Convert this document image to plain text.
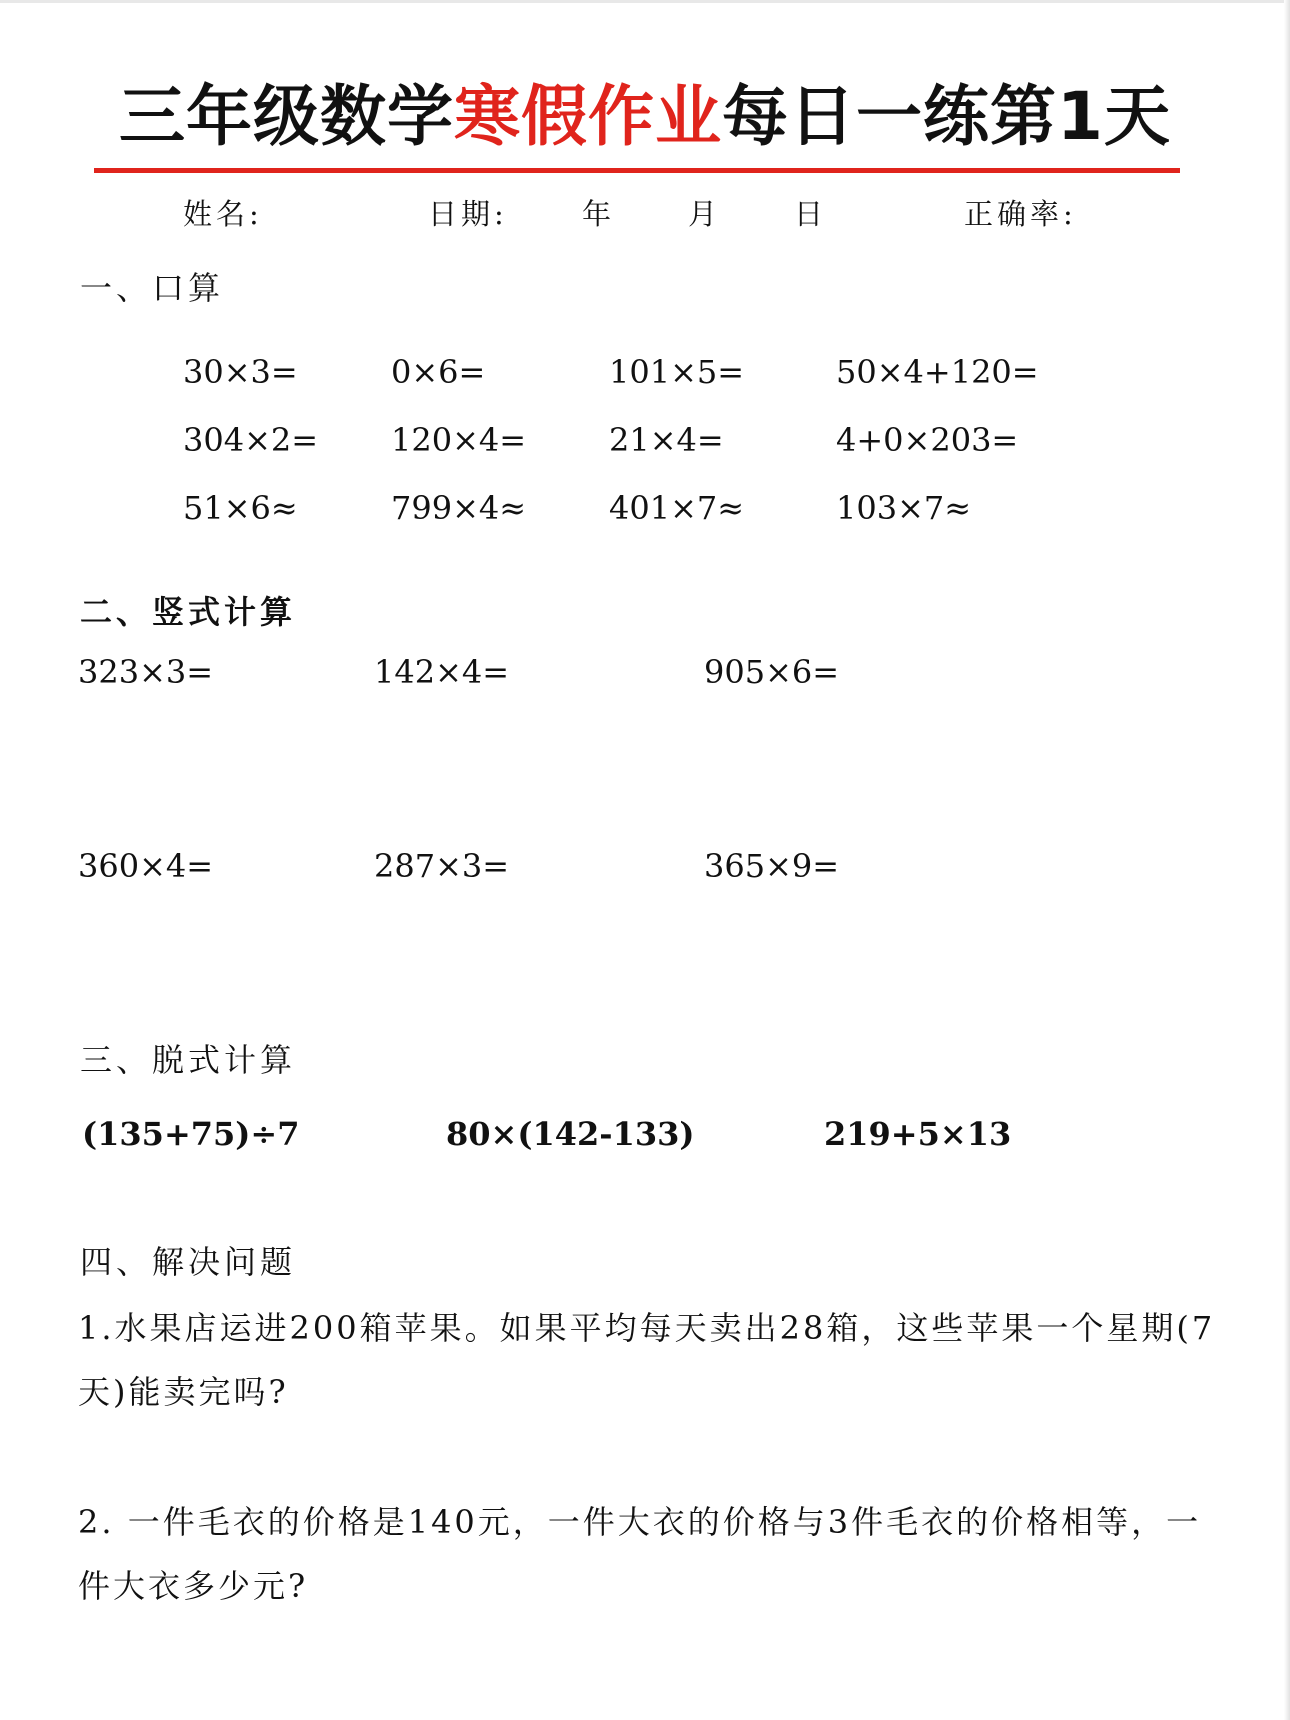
三年级数学寒假作业每日一练第1天
姓名:	日期:	年	月	日	正确率:
一、口算
30×3=	0×6=	101×5=	50×4+120=
304×2= 120×4=	21×4=	4+0×203=
51×6≈	799×4≈	401×7≈	103×7≈
二、竖式计算
323×3=	142×4=	905×6=
360×4=	287×3=	365×9=
三、脱式计算
(135+75)÷7	80×(142-133)	219+5×13
四、解决问题
1.水果店运进200箱苹果。如果平均每天卖出28箱，这些苹果一个星期(7天)能卖完吗?
2. 一件毛衣的价格是140元，一件大衣的价格与3件毛衣的价格相等，一件大衣多少元?
